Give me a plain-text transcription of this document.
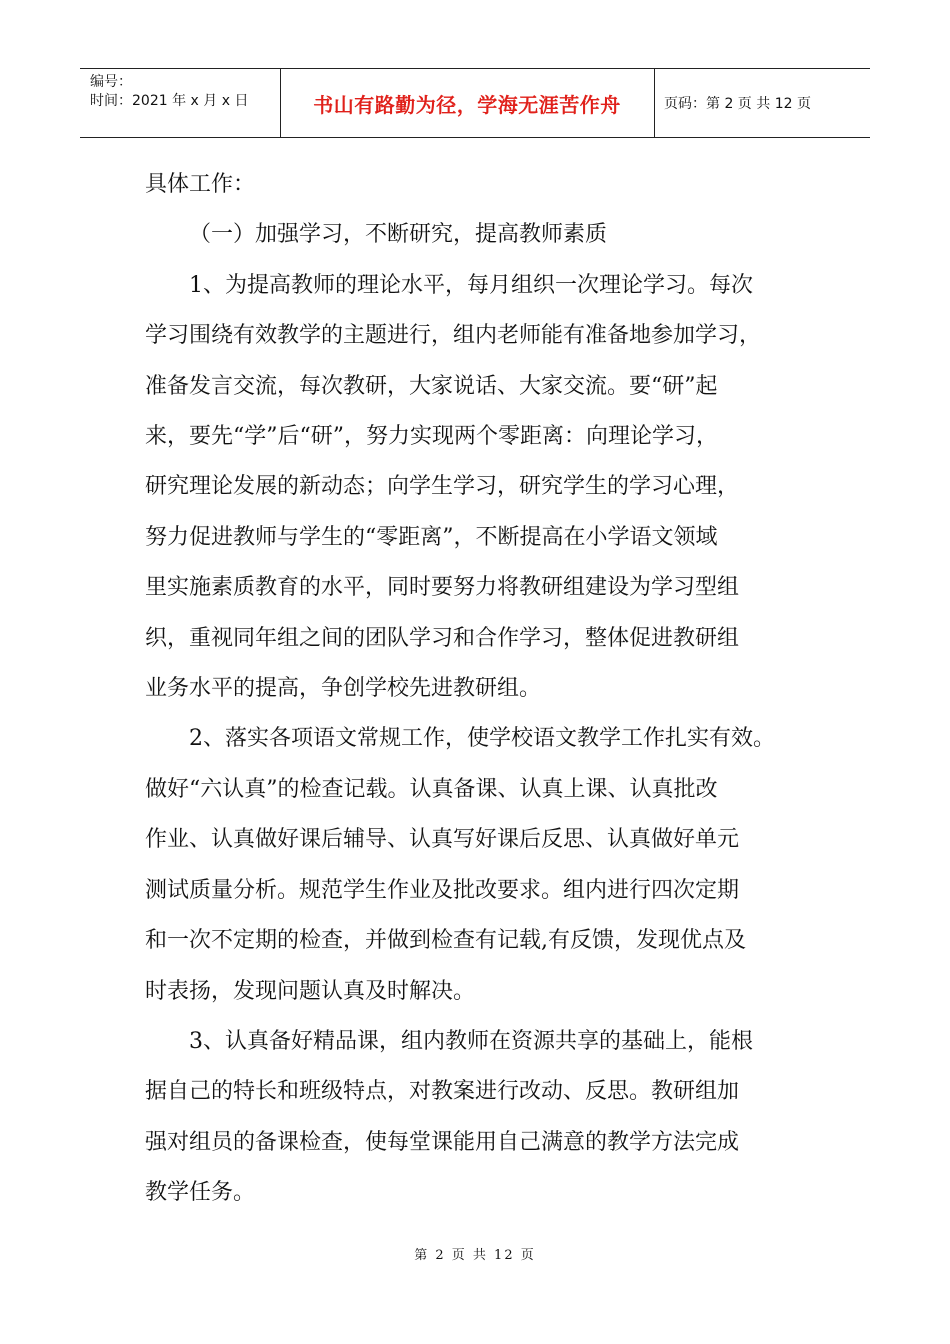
编号：
时间：2021 年 x 月 x 日	书山有路勤为径，学海无涯苦作舟	页码：第 2 页 共 12 页

具体工作：

（一）加强学习，不断研究，提高教师素质

1、为提高教师的理论水平，每月组织一次理论学习。每次
学习围绕有效教学的主题进行，组内老师能有准备地参加学习，
准备发言交流，每次教研，大家说话、大家交流。要“研”起
来，要先“学”后“研”，努力实现两个零距离：向理论学习，
研究理论发展的新动态；向学生学习，研究学生的学习心理，
努力促进教师与学生的“零距离”，不断提高在小学语文领域
里实施素质教育的水平，同时要努力将教研组建设为学习型组
织，重视同年组之间的团队学习和合作学习，整体促进教研组
业务水平的提高，争创学校先进教研组。
2、落实各项语文常规工作，使学校语文教学工作扎实有效。
做好“六认真”的检查记载。认真备课、认真上课、认真批改
作业、认真做好课后辅导、认真写好课后反思、认真做好单元
测试质量分析。规范学生作业及批改要求。组内进行四次定期
和一次不定期的检查，并做到检查有记载,有反馈，发现优点及
时表扬，发现问题认真及时解决。
3、认真备好精品课，组内教师在资源共享的基础上，能根
据自己的特长和班级特点，对教案进行改动、反思。教研组加
强对组员的备课检查，使每堂课能用自己满意的教学方法完成
教学任务。
第 2 页 共 12 页
